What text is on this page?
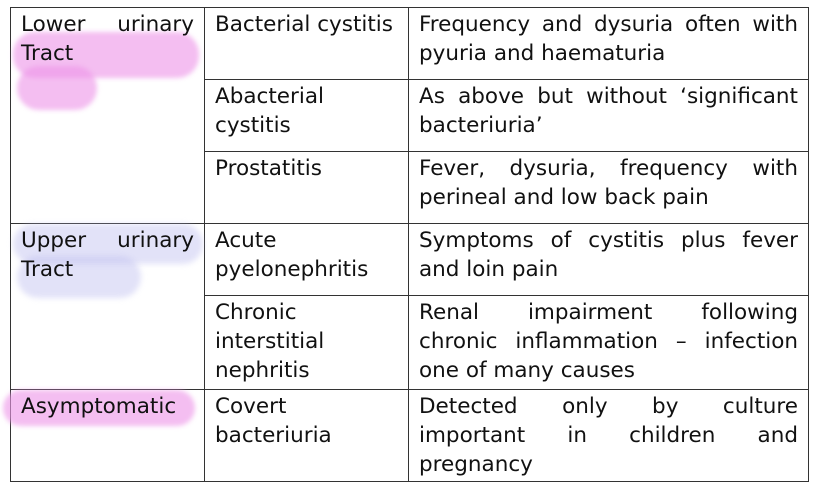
Lower urinary Tract	Bacterial cystitis	Frequency and dysuria often with pyuria and haematuria
	Abacterial cystitis	As above but without ‘significant bacteriuria’
	Prostatitis	Fever, dysuria, frequency with perineal and low back pain

Upper urinary Tract	Acute pyelonephritis	Symptoms of cystitis plus fever and loin pain
	Chronic interstitial nephritis	Renal impairment following chronic inflammation – infection one of many causes

Asymptomatic	Covert bacteriuria	Detected only by culture important in children and pregnancy
